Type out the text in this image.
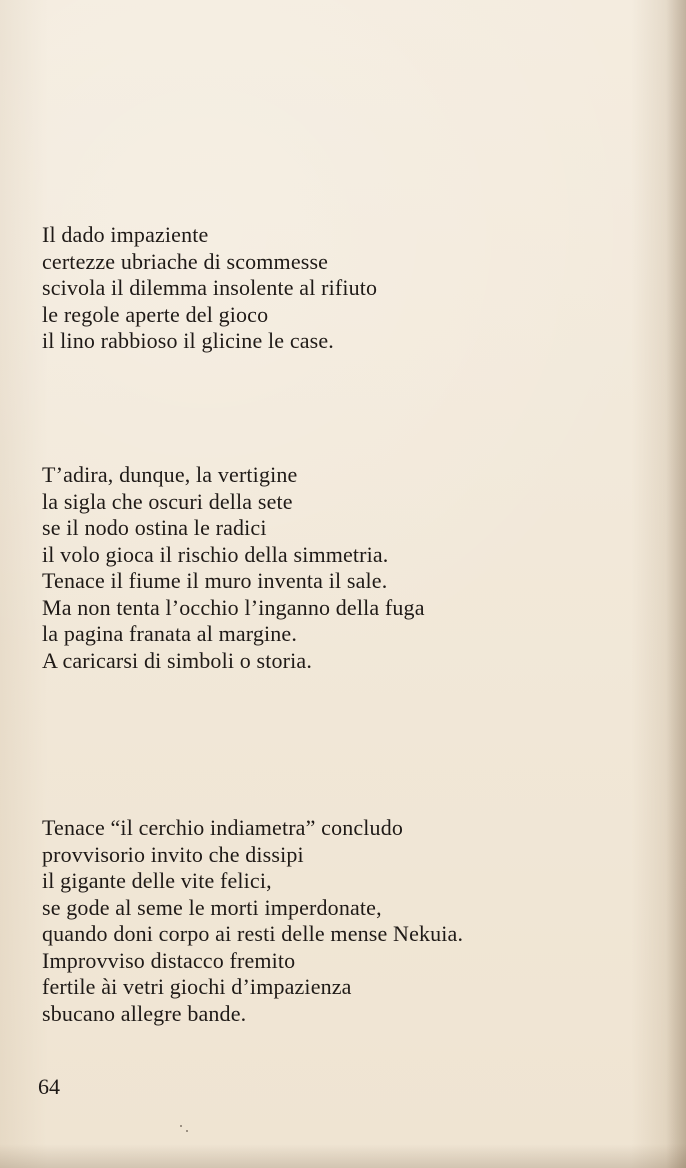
Il dado impaziente
certezze ubriache di scommesse
scivola il dilemma insolente al rifiuto
le regole aperte del gioco
il lino rabbioso il glicine le case.
T’adira, dunque, la vertigine
la sigla che oscuri della sete
se il nodo ostina le radici
il volo gioca il rischio della simmetria.
Tenace il fiume il muro inventa il sale.
Ma non tenta l’occhio l’inganno della fuga
la pagina franata al margine.
A caricarsi di simboli o storia.
Tenace “il cerchio indiametra” concludo
provvisorio invito che dissipi
il gigante delle vite felici,
se gode al seme le morti imperdonate,
quando doni corpo ai resti delle mense Nekuia.
Improvviso distacco fremito
fertile ài vetri giochi d’impazienza
sbucano allegre bande.

64
